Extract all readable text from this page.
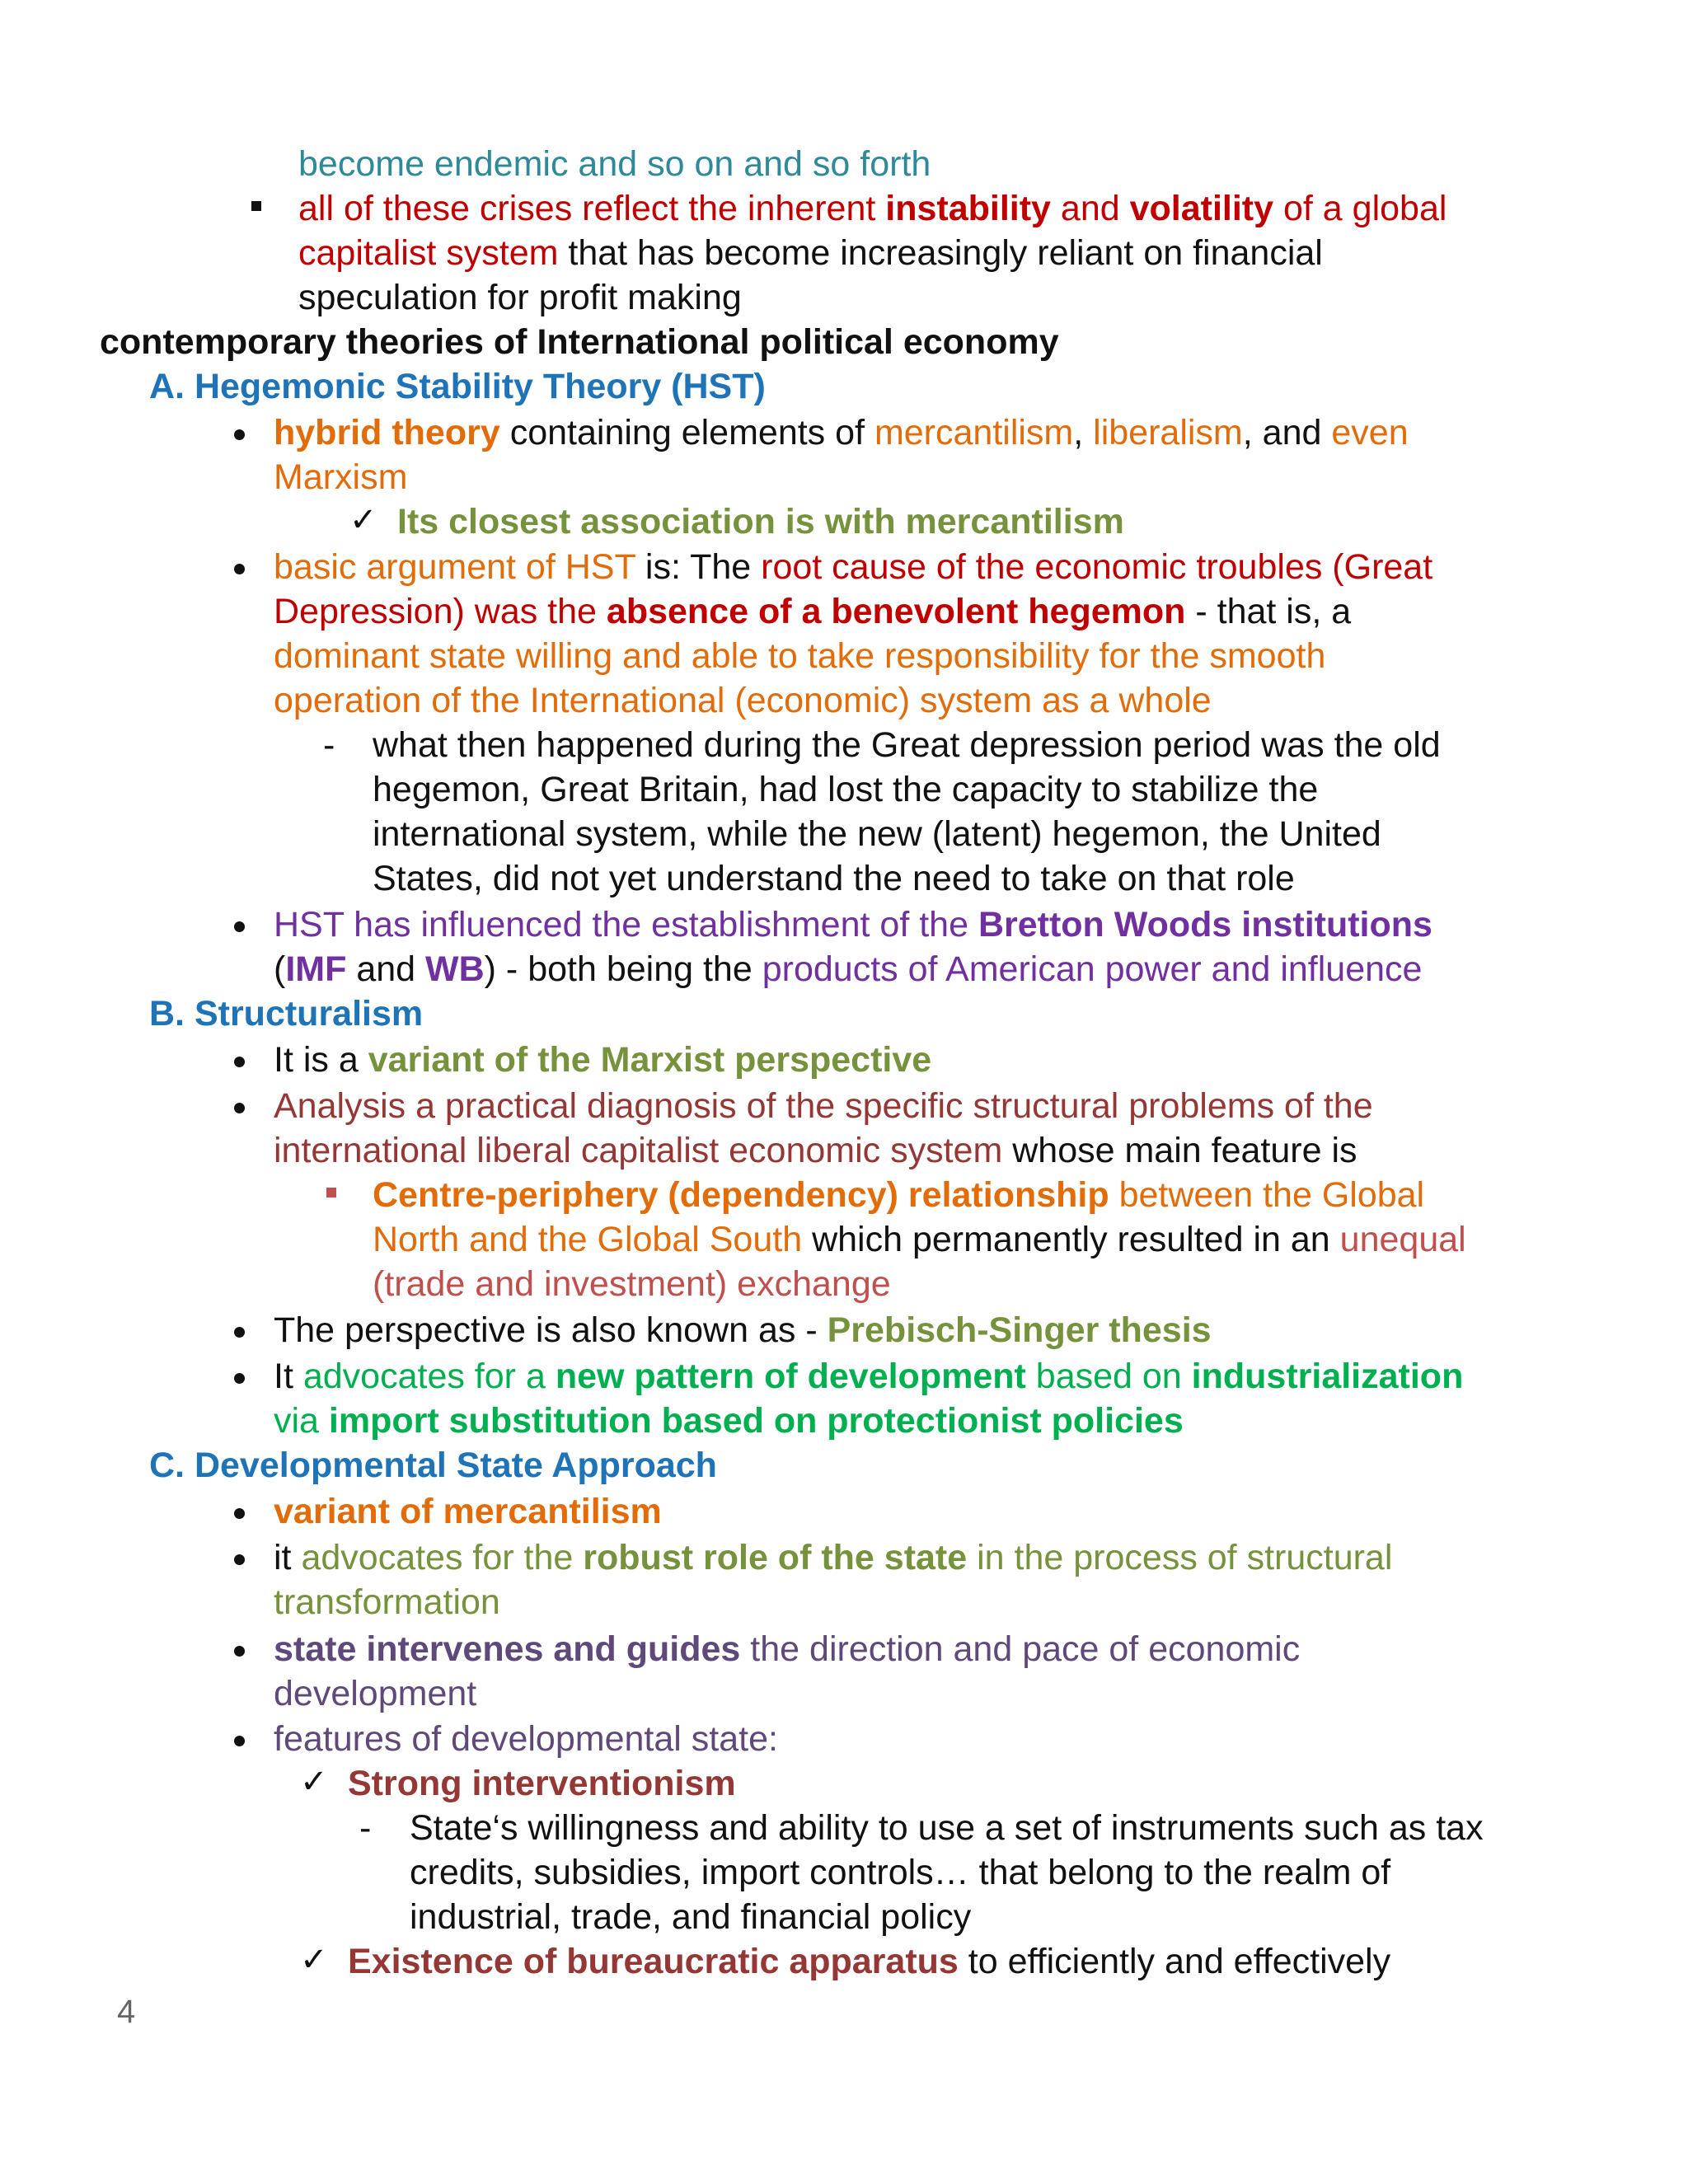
become endemic and so on and so forth
all of these crises reflect the inherent instability and volatility of a global
capitalist system that has become increasingly reliant on financial
speculation for profit making
contemporary theories of International political economy
A. Hegemonic Stability Theory (HST)
hybrid theory containing elements of mercantilism, liberalism, and even
Marxism
✓ Its closest association is with mercantilism
basic argument of HST is: The root cause of the economic troubles (Great
Depression) was the absence of a benevolent hegemon - that is, a
dominant state willing and able to take responsibility for the smooth
operation of the International (economic) system as a whole
- what then happened during the Great depression period was the old
hegemon, Great Britain, had lost the capacity to stabilize the
international system, while the new (latent) hegemon, the United
States, did not yet understand the need to take on that role
HST has influenced the establishment of the Bretton Woods institutions
(IMF and WB) - both being the products of American power and influence
B. Structuralism
It is a variant of the Marxist perspective
Analysis a practical diagnosis of the specific structural problems of the
international liberal capitalist economic system whose main feature is
Centre-periphery (dependency) relationship between the Global
North and the Global South which permanently resulted in an unequal
(trade and investment) exchange
The perspective is also known as - Prebisch-Singer thesis
It advocates for a new pattern of development based on industrialization
via import substitution based on protectionist policies
C. Developmental State Approach
variant of mercantilism
it advocates for the robust role of the state in the process of structural
transformation
state intervenes and guides the direction and pace of economic
development
features of developmental state:
✓ Strong interventionism
- State‘s willingness and ability to use a set of instruments such as tax
credits, subsidies, import controls… that belong to the realm of
industrial, trade, and financial policy
✓ Existence of bureaucratic apparatus to efficiently and effectively
4
